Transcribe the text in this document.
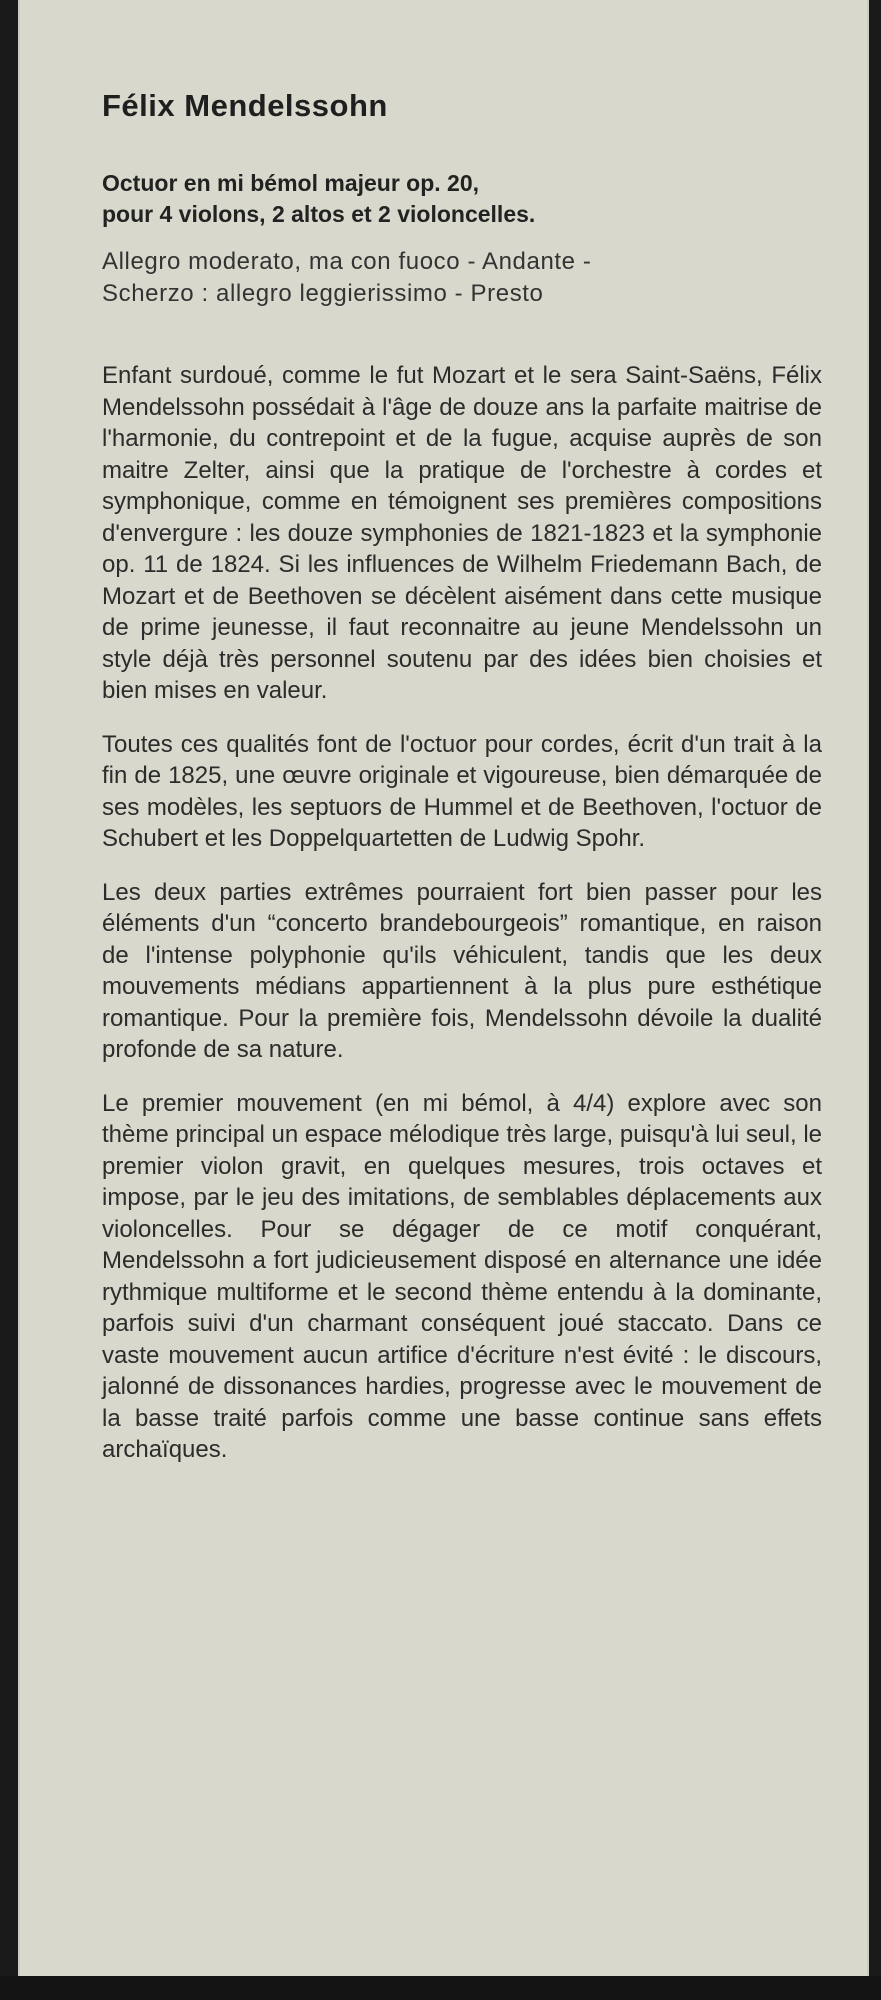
Félix Mendelssohn
Octuor en mi bémol majeur op. 20,
pour 4 violons, 2 altos et 2 violoncelles.
Allegro moderato, ma con fuoco - Andante -
Scherzo : allegro leggierissimo - Presto

Enfant surdoué, comme le fut Mozart et le sera Saint-Saëns, Félix Mendelssohn possédait à l'âge de douze ans la parfaite maitrise de l'harmonie, du contrepoint et de la fugue, acquise auprès de son maitre Zelter, ainsi que la pratique de l'orchestre à cordes et symphonique, comme en témoignent ses premières compositions d'envergure : les douze symphonies de 1821-1823 et la symphonie op. 11 de 1824. Si les influences de Wilhelm Friedemann Bach, de Mozart et de Beethoven se décèlent aisément dans cette musique de prime jeunesse, il faut reconnaitre au jeune Mendelssohn un style déjà très personnel soutenu par des idées bien choisies et bien mises en valeur.

Toutes ces qualités font de l'octuor pour cordes, écrit d'un trait à la fin de 1825, une œuvre originale et vigoureuse, bien démarquée de ses modèles, les septuors de Hummel et de Beethoven, l'octuor de Schubert et les Doppelquartetten de Ludwig Spohr.

Les deux parties extrêmes pourraient fort bien passer pour les éléments d'un “concerto brandebourgeois” romantique, en raison de l'intense polyphonie qu'ils véhiculent, tandis que les deux mouvements médians appartiennent à la plus pure esthétique romantique. Pour la première fois, Mendelssohn dévoile la dualité profonde de sa nature.

Le premier mouvement (en mi bémol, à 4/4) explore avec son thème principal un espace mélodique très large, puisqu'à lui seul, le premier violon gravit, en quelques mesures, trois octaves et impose, par le jeu des imitations, de semblables déplacements aux violoncelles. Pour se dégager de ce motif conquérant, Mendelssohn a fort judicieusement disposé en alternance une idée rythmique multiforme et le second thème entendu à la dominante, parfois suivi d'un charmant conséquent joué staccato. Dans ce vaste mouvement aucun artifice d'écriture n'est évité : le discours, jalonné de dissonances hardies, progresse avec le mouvement de la basse traité parfois comme une basse continue sans effets archaïques.
